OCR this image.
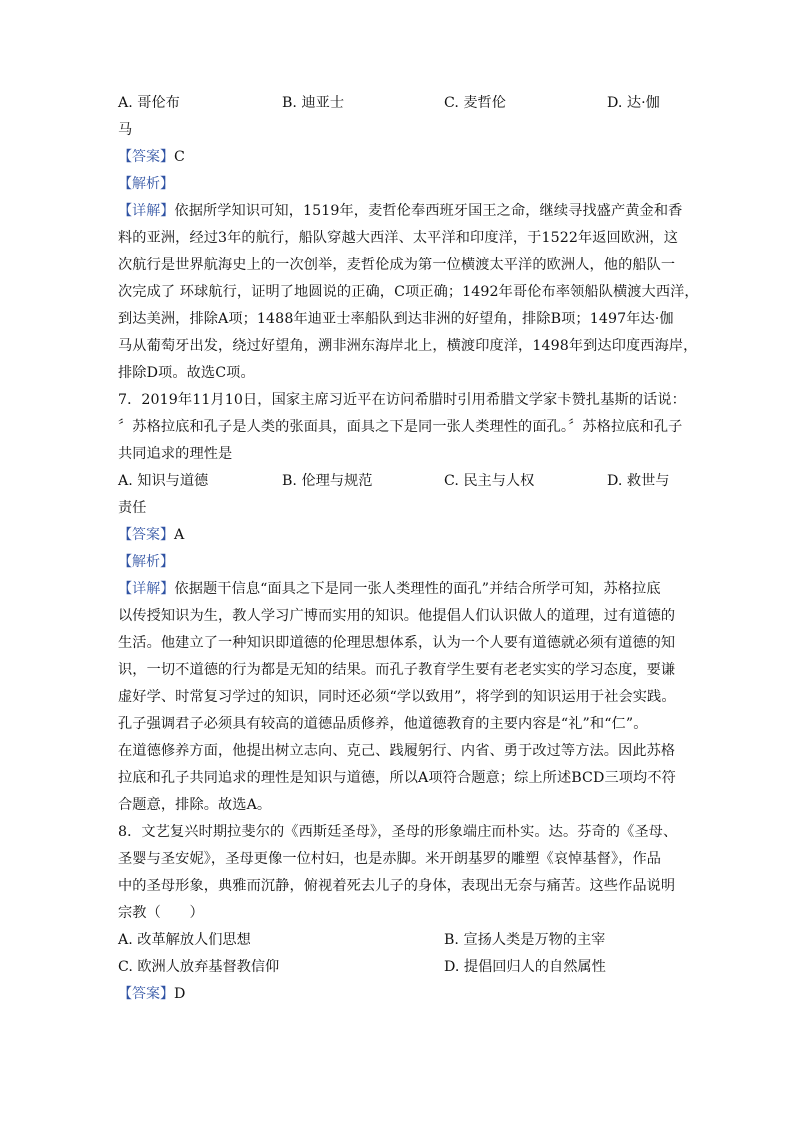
A. 哥伦布	B. 迪亚士	C. 麦哲伦	D. 达·伽
马
【答案】C
【解析】
【详解】依据所学知识可知，1519年，麦哲伦奉西班牙国王之命，继续寻找盛产黄金和香
料的亚洲，经过3年的航行，船队穿越大西洋、太平洋和印度洋，于1522年返回欧洲，这
次航行是世界航海史上的一次创举，麦哲伦成为第一位横渡太平洋的欧洲人，他的船队一
次完成了 环球航行，证明了地圆说的正确，C项正确；1492年哥伦布率领船队横渡大西洋，
到达美洲，排除A项；1488年迪亚士率船队到达非洲的好望角，排除B项；1497年达·伽
马从葡萄牙出发，绕过好望角，溯非洲东海岸北上，横渡印度洋，1498年到达印度西海岸，
排除D项。故选C项。
7．2019年11月10日，国家主席习近平在访问希腊时引用希腊文学家卡赞扎基斯的话说：
〞苏格拉底和孔子是人类的张面具，面具之下是同一张人类理性的面孔。〞苏格拉底和孔子
共同追求的理性是
A. 知识与道德	B. 伦理与规范	C. 民主与人权	D. 救世与
责任
【答案】A
【解析】
【详解】依据题干信息“面具之下是同一张人类理性的面孔”并结合所学可知，苏格拉底
以传授知识为生，教人学习广博而实用的知识。他提倡人们认识做人的道理，过有道德的
生活。他建立了一种知识即道德的伦理思想体系，认为一个人要有道德就必须有道德的知
识，一切不道德的行为都是无知的结果。而孔子教育学生要有老老实实的学习态度，要谦
虚好学、时常复习学过的知识，同时还必须“学以致用”，将学到的知识运用于社会实践。
孔子强调君子必须具有较高的道德品质修养，他道德教育的主要内容是“礼”和“仁”。
在道德修养方面，他提出树立志向、克己、践履躬行、内省、勇于改过等方法。因此苏格
拉底和孔子共同追求的理性是知识与道德，所以A项符合题意；综上所述BCD三项均不符
合题意，排除。故选A。
8．文艺复兴时期拉斐尔的《西斯廷圣母》，圣母的形象端庄而朴实。达。芬奇的《圣母、
圣婴与圣安妮》，圣母更像一位村妇，也是赤脚。米开朗基罗的雕塑《哀悼基督》，作品
中的圣母形象，典雅而沉静，俯视着死去儿子的身体，表现出无奈与痛苦。这些作品说明
宗教（　　）
A. 改革解放人们思想	B. 宣扬人类是万物的主宰
C. 欧洲人放弃基督教信仰	D. 提倡回归人的自然属性
【答案】D
